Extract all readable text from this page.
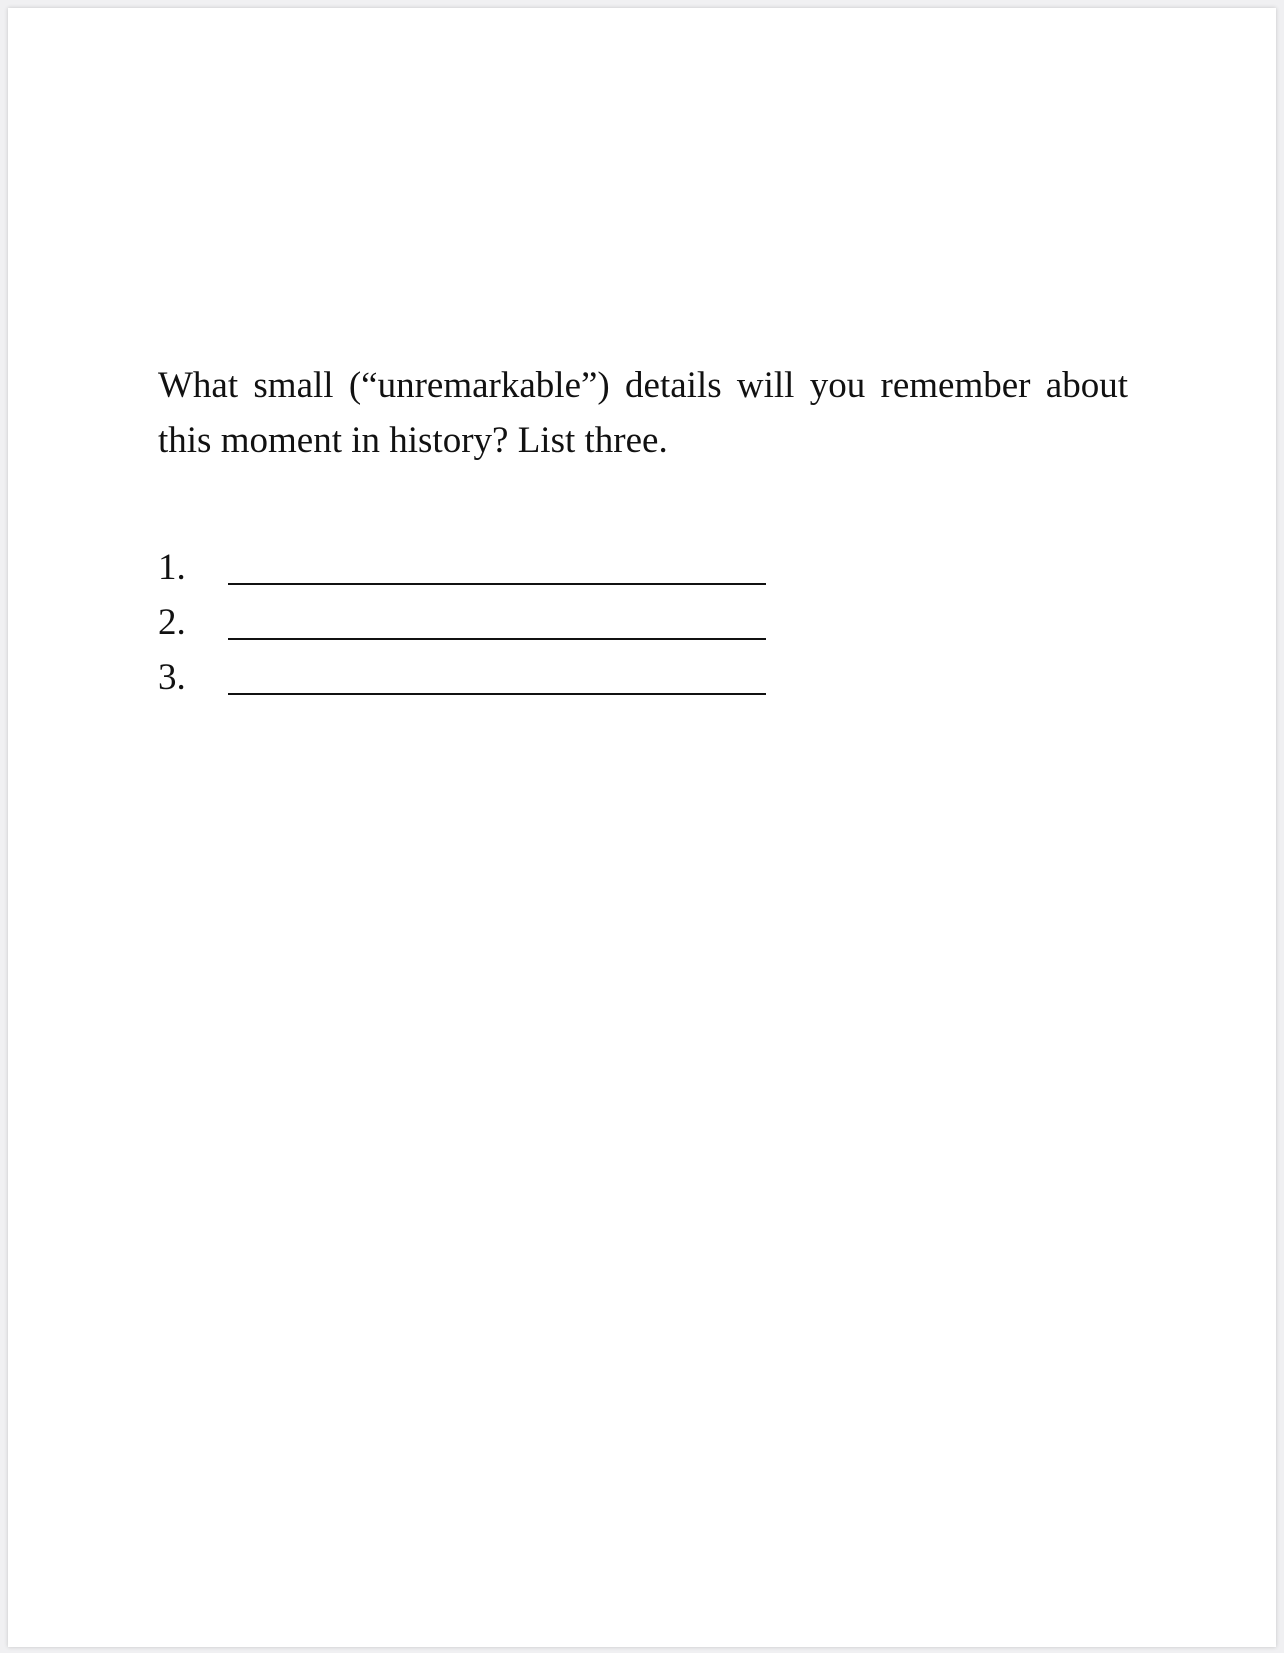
What small (“unremarkable”) details will you remember about this moment in history? List three.

1.
2.
3.
